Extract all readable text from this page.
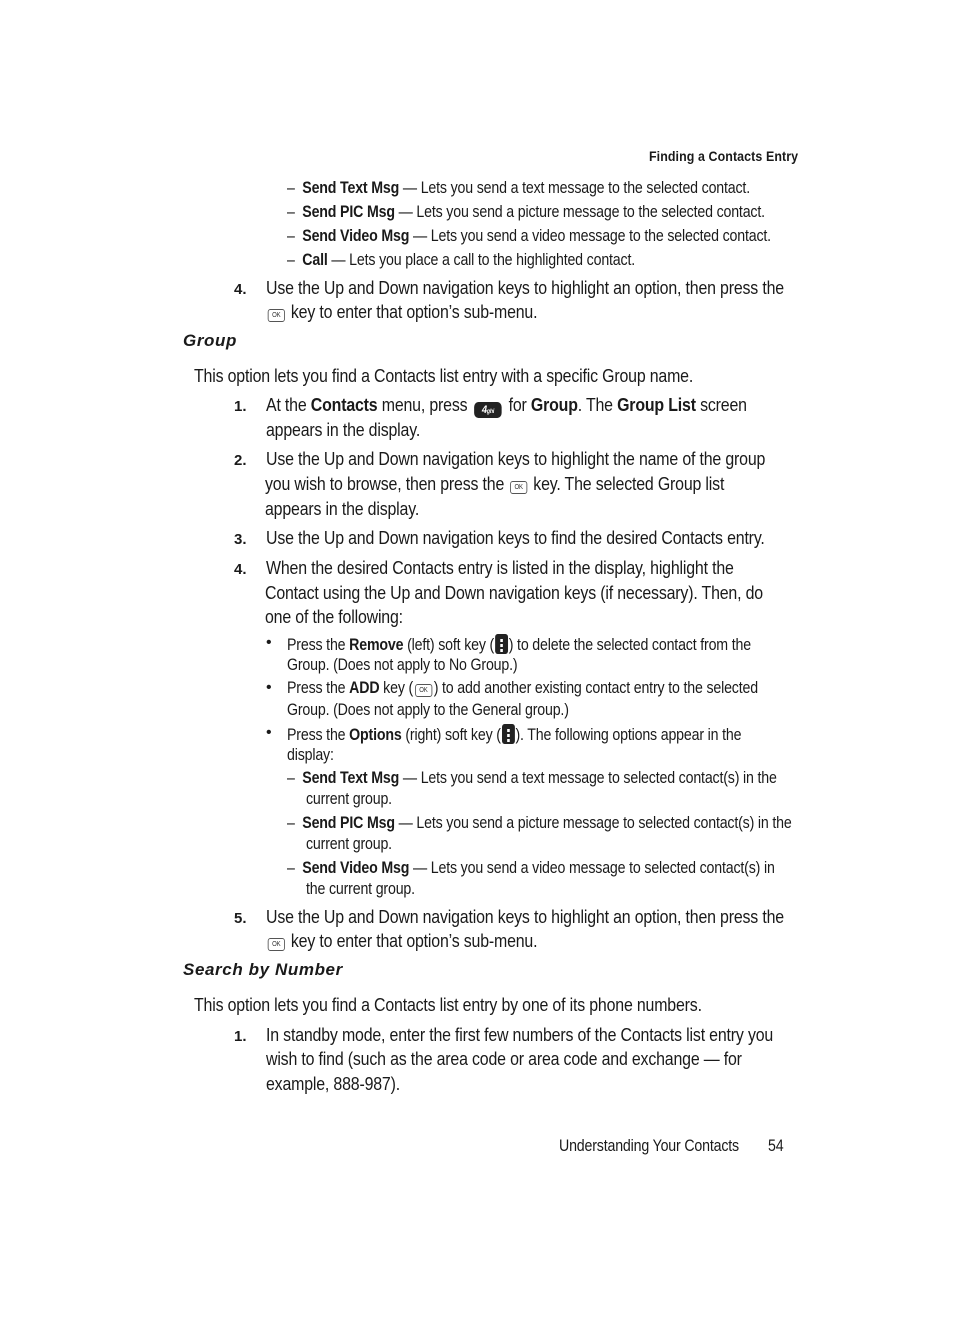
Finding a Contacts Entry
– Send Text Msg — Lets you send a text message to the selected contact.
– Send PIC Msg — Lets you send a picture message to the selected contact.
– Send Video Msg — Lets you send a video message to the selected contact.
– Call — Lets you place a call to the highlighted contact.
4. Use the Up and Down navigation keys to highlight an option, then press the
OK key to enter that option’s sub-menu.
Group
This option lets you find a Contacts list entry with a specific Group name.
1. At the Contacts menu, press 4ghi for Group. The Group List screen
appears in the display.
2. Use the Up and Down navigation keys to highlight the name of the group
you wish to browse, then press the OK key. The selected Group list
appears in the display.
3. Use the Up and Down navigation keys to find the desired Contacts entry.
4. When the desired Contacts entry is listed in the display, highlight the
Contact using the Up and Down navigation keys (if necessary). Then, do
one of the following:
• Press the Remove (left) soft key ( ) to delete the selected contact from the
Group. (Does not apply to No Group.)
• Press the ADD key ( OK ) to add another existing contact entry to the selected
Group. (Does not apply to the General group.)
• Press the Options (right) soft key ( ). The following options appear in the
display:
– Send Text Msg — Lets you send a text message to selected contact(s) in the
current group.
– Send PIC Msg — Lets you send a picture message to selected contact(s) in the
current group.
– Send Video Msg — Lets you send a video message to selected contact(s) in
the current group.
5. Use the Up and Down navigation keys to highlight an option, then press the
OK key to enter that option’s sub-menu.
Search by Number
This option lets you find a Contacts list entry by one of its phone numbers.
1. In standby mode, enter the first few numbers of the Contacts list entry you
wish to find (such as the area code or area code and exchange — for
example, 888-987).
Understanding Your Contacts 54
